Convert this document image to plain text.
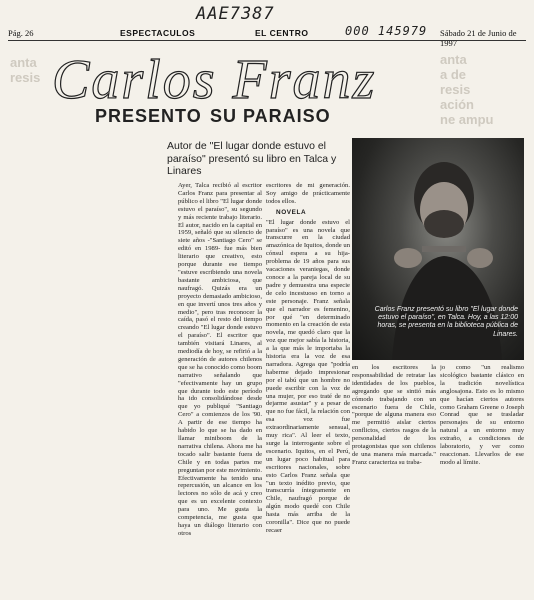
AAE7387
000 145979
Pág. 26	ESPECTACULOS	EL CENTRO	Sábado 21 de Junio de 1997
anta
a de
resis
ación
ne ampu
anta
resis Carlos Franz
PRESENTO SU PARAISO
Autor de "El lugar donde estuvo el paraíso" presentó su libro en Talca y Linares
Carlos Franz presentó su libro "El lugar donde estuvo el paraíso", en Talca. Hoy, a las 12:00 horas, se presenta en la biblioteca pública de Linares.

Ayer, Talca recibió al escritor Carlos Franz para presentar al público el libro "El lugar donde estuvo el paraíso", su segundo y más reciente trabajo literario. El autor, nacido en la capital en 1959, señaló que su silencio de siete años -"Santiago Cero" se editó en 1989- fue más bien literario que creativo, esto porque durante ese tiempo "estuve escribiendo una novela bastante ambiciosa, que naufragó. Quizás era un proyecto demasiado ambicioso, en que invertí unos tres años y medio", pero tras reconocer la caída, pasó el resto del tiempo creando "El lugar donde estuvo el paraíso". El escritor que también visitará Linares, al mediodía de hoy, se refirió a la generación de autores chilenos que se ha conocido como boom narrativo señalando que "efectivamente hay un grupo que durante todo este período ha ido consolidándose desde que yo publiqué "Santiago Cero" a comienzos de los '90. A partir de ese tiempo ha habido lo que se ha dado en llamar miniboom de la narrativa chilena. Ahora me ha tocado salir bastante fuera de Chile y en todas partes me preguntan por este movimiento. Efectivamente ha tenido una repercusión, un alcance en los lectores no sólo de acá y creo que es un excelente contexto para uno. Me gusta la competencia, me gusta que haya un diálogo literario con otros

escritores de mi generación. Soy amigo de prácticamente todos ellos.

NOVELA

"El lugar donde estuvo el paraíso" es una novela que transcurre en la ciudad amazónica de Iquitos, donde un cónsul espera a su hija-problema de 19 años para sus vacaciones veraniegas, donde conoce a la pareja local de su padre y demuestra una especie de celo incestuoso en torno a este personaje. Franz señala que el narrador es femenino, por qué "en determinado momento en la creación de esta novela, me quedó claro que la voz que mejor sabía la historia, a la que más le importaba la historia era la voz de esa narradora. Agrega que "podría haberme dejado impresionar por el tabú que un hombre no puede escribir con la voz de una mujer, por eso traté de no dejarme asustar" y a pesar de que no fue fácil, la relación con esa voz fue extraordinariamente sensual, muy rica". Al leer el texto, surge la interrogante sobre el escenario. Iquitos, en el Perú, un lugar poco habitual para escritores nacionales, sobre esto Carlos Franz señala que "un texto inédito previo, que transcurría íntegramente en Chile, naufragó porque de algún modo quedé con Chile hasta más arriba de la coronilla". Dice que no puede recaer

en los escritores la responsabilidad de retratar las identidades de los pueblos, agregando que se sintió más cómodo trabajando con un escenario fuera de Chile, "porque de alguna manera eso me permitió aislar ciertos conflictos, ciertos rasgos de la personalidad de los protagonistas que son chilenos de una manera más marcada." Franz caracteriza su traba-

jo como "un realismo sicológico bastante clásico en la tradición novelística anglosajona. Esto es lo mismo que hacían ciertos autores como Graham Greene o Joseph Conrad que se trasladar personajes de su entorno natural a un entorno muy extraño, a condiciones de laboratorio, y ver como reaccionan. Llevarlos de ese modo al límite.
